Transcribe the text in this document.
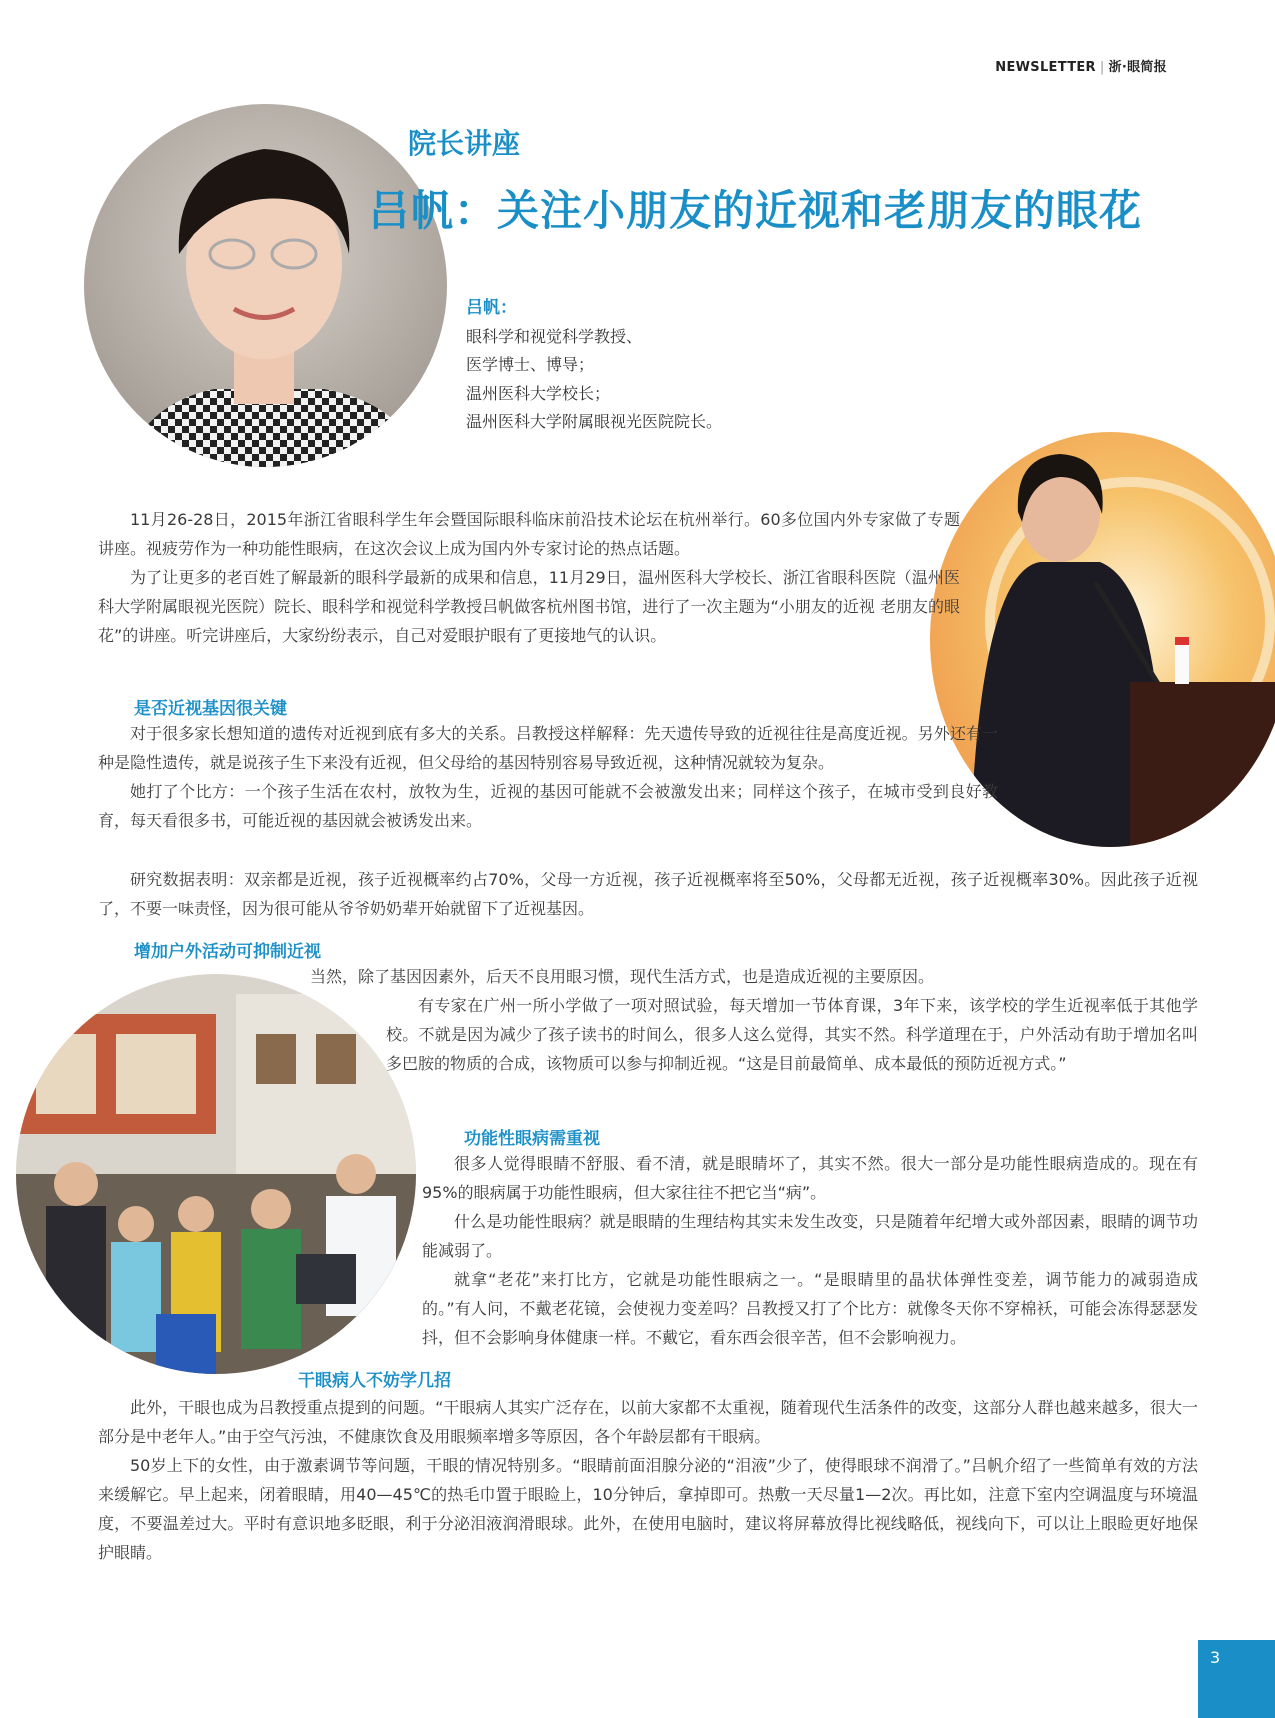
NEWSLETTER | 浙·眼简报
院长讲座
吕帆：关注小朋友的近视和老朋友的眼花
吕帆：
眼科学和视觉科学教授、
医学博士、博导；
温州医科大学校长；
温州医科大学附属眼视光医院院长。

11月26-28日，2015年浙江省眼科学生年会暨国际眼科临床前沿技术论坛在杭州举行。60多位国内外专家做了专题讲座。视疲劳作为一种功能性眼病，在这次会议上成为国内外专家讨论的热点话题。

为了让更多的老百姓了解最新的眼科学最新的成果和信息，11月29日，温州医科大学校长、浙江省眼科医院（温州医科大学附属眼视光医院）院长、眼科学和视觉科学教授吕帆做客杭州图书馆，进行了一次主题为“小朋友的近视 老朋友的眼花”的讲座。听完讲座后，大家纷纷表示，自己对爱眼护眼有了更接地气的认识。

是否近视基因很关键

对于很多家长想知道的遗传对近视到底有多大的关系。吕教授这样解释：先天遗传导致的近视往往是高度近视。另外还有一种是隐性遗传，就是说孩子生下来没有近视，但父母给的基因特别容易导致近视，这种情况就较为复杂。

她打了个比方：一个孩子生活在农村，放牧为生，近视的基因可能就不会被激发出来；同样这个孩子，在城市受到良好教育，每天看很多书，可能近视的基因就会被诱发出来。

研究数据表明：双亲都是近视，孩子近视概率约占70%，父母一方近视，孩子近视概率将至50%，父母都无近视，孩子近视概率30%。因此孩子近视了，不要一味责怪，因为很可能从爷爷奶奶辈开始就留下了近视基因。

增加户外活动可抑制近视

当然，除了基因因素外，后天不良用眼习惯，现代生活方式，也是造成近视的主要原因。

有专家在广州一所小学做了一项对照试验，每天增加一节体育课，3年下来，该学校的学生近视率低于其他学校。不就是因为减少了孩子读书的时间么，很多人这么觉得，其实不然。科学道理在于，户外活动有助于增加名叫多巴胺的物质的合成，该物质可以参与抑制近视。“这是目前最简单、成本最低的预防近视方式。”

功能性眼病需重视

很多人觉得眼睛不舒服、看不清，就是眼睛坏了，其实不然。很大一部分是功能性眼病造成的。现在有95%的眼病属于功能性眼病，但大家往往不把它当“病”。

什么是功能性眼病？就是眼睛的生理结构其实未发生改变，只是随着年纪增大或外部因素，眼睛的调节功能减弱了。

就拿“老花”来打比方，它就是功能性眼病之一。“是眼睛里的晶状体弹性变差，调节能力的减弱造成的。”有人问，不戴老花镜，会使视力变差吗？吕教授又打了个比方：就像冬天你不穿棉袄，可能会冻得瑟瑟发抖，但不会影响身体健康一样。不戴它，看东西会很辛苦，但不会影响视力。

干眼病人不妨学几招

此外，干眼也成为吕教授重点提到的问题。“干眼病人其实广泛存在，以前大家都不太重视，随着现代生活条件的改变，这部分人群也越来越多，很大一部分是中老年人。”由于空气污浊，不健康饮食及用眼频率增多等原因，各个年龄层都有干眼病。

50岁上下的女性，由于激素调节等问题，干眼的情况特别多。“眼睛前面泪腺分泌的“泪液”少了，使得眼球不润滑了。”吕帆介绍了一些简单有效的方法来缓解它。早上起来，闭着眼睛，用40—45℃的热毛巾置于眼睑上，10分钟后，拿掉即可。热敷一天尽量1—2次。再比如，注意下室内空调温度与环境温度，不要温差过大。平时有意识地多眨眼，利于分泌泪液润滑眼球。此外，在使用电脑时，建议将屏幕放得比视线略低，视线向下，可以让上眼睑更好地保护眼睛。

3
